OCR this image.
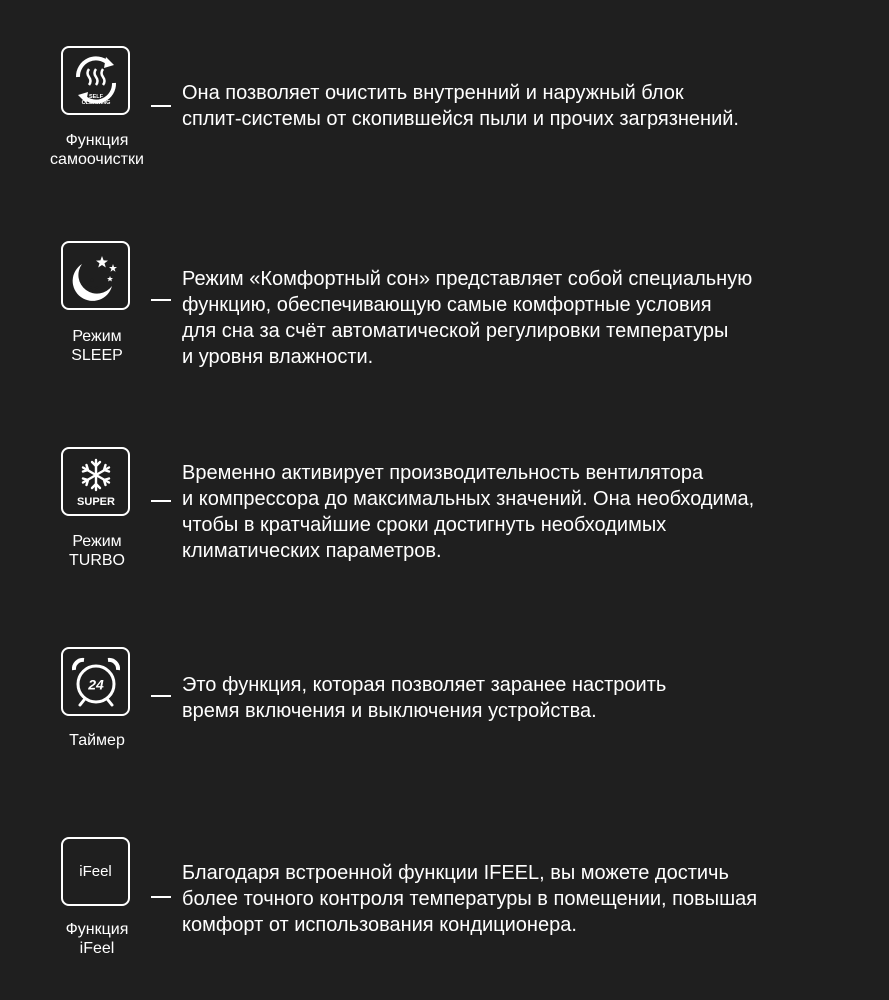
SELF
CLEANING
Функция
самоочистки
Она позволяет очистить внутренний и наружный блок
сплит-системы от скопившейся пыли и прочих загрязнений.
Режим
SLEEP
Режим «Комфортный сон» представляет собой специальную
функцию, обеспечивающую самые комфортные условия
для сна за счёт автоматической регулировки температуры
и уровня влажности.
SUPER
Режим
TURBO
Временно активирует производительность вентилятора
и компрессора до максимальных значений. Она необходима,
чтобы в кратчайшие сроки достигнуть необходимых
климатических параметров.
24
Таймер
Это функция, которая позволяет заранее настроить
время включения и выключения устройства.
iFeel
Функция
iFeel
Благодаря встроенной функции IFEEL, вы можете достичь
более точного контроля температуры в помещении, повышая
комфорт от использования кондиционера.
